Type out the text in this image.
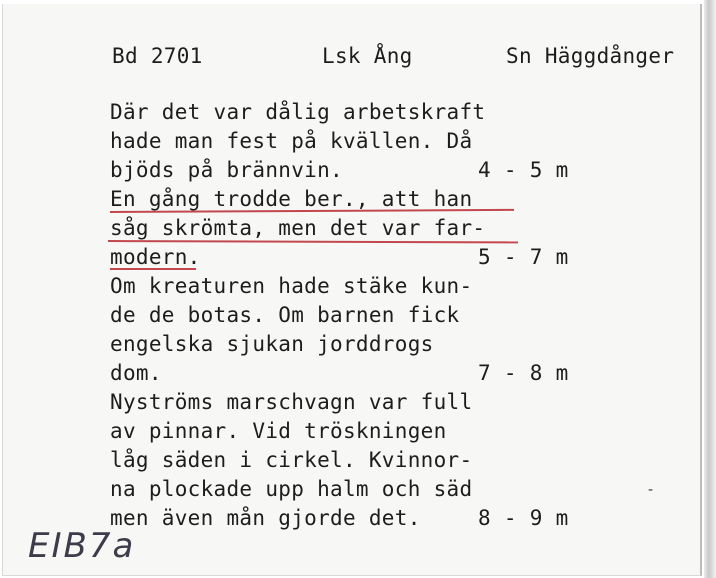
Bd 2701	Lsk Ång	Sn Häggdånger
Där det var dålig arbetskraft
hade man fest på kvällen. Då
bjöds på brännvin.
En gång trodde ber., att han
såg skrömta, men det var far-
modern.
Om kreaturen hade stäke kun-
de de botas. Om barnen fick
engelska sjukan jorddrogs
dom.
Nyströms marschvagn var full
av pinnar. Vid tröskningen
låg säden i cirkel. Kvinnor-
na plockade upp halm och säd
men även mån gjorde det.
4 - 5 m
5 - 7 m
7 - 8 m
8 - 9 m
-
EIB7a
